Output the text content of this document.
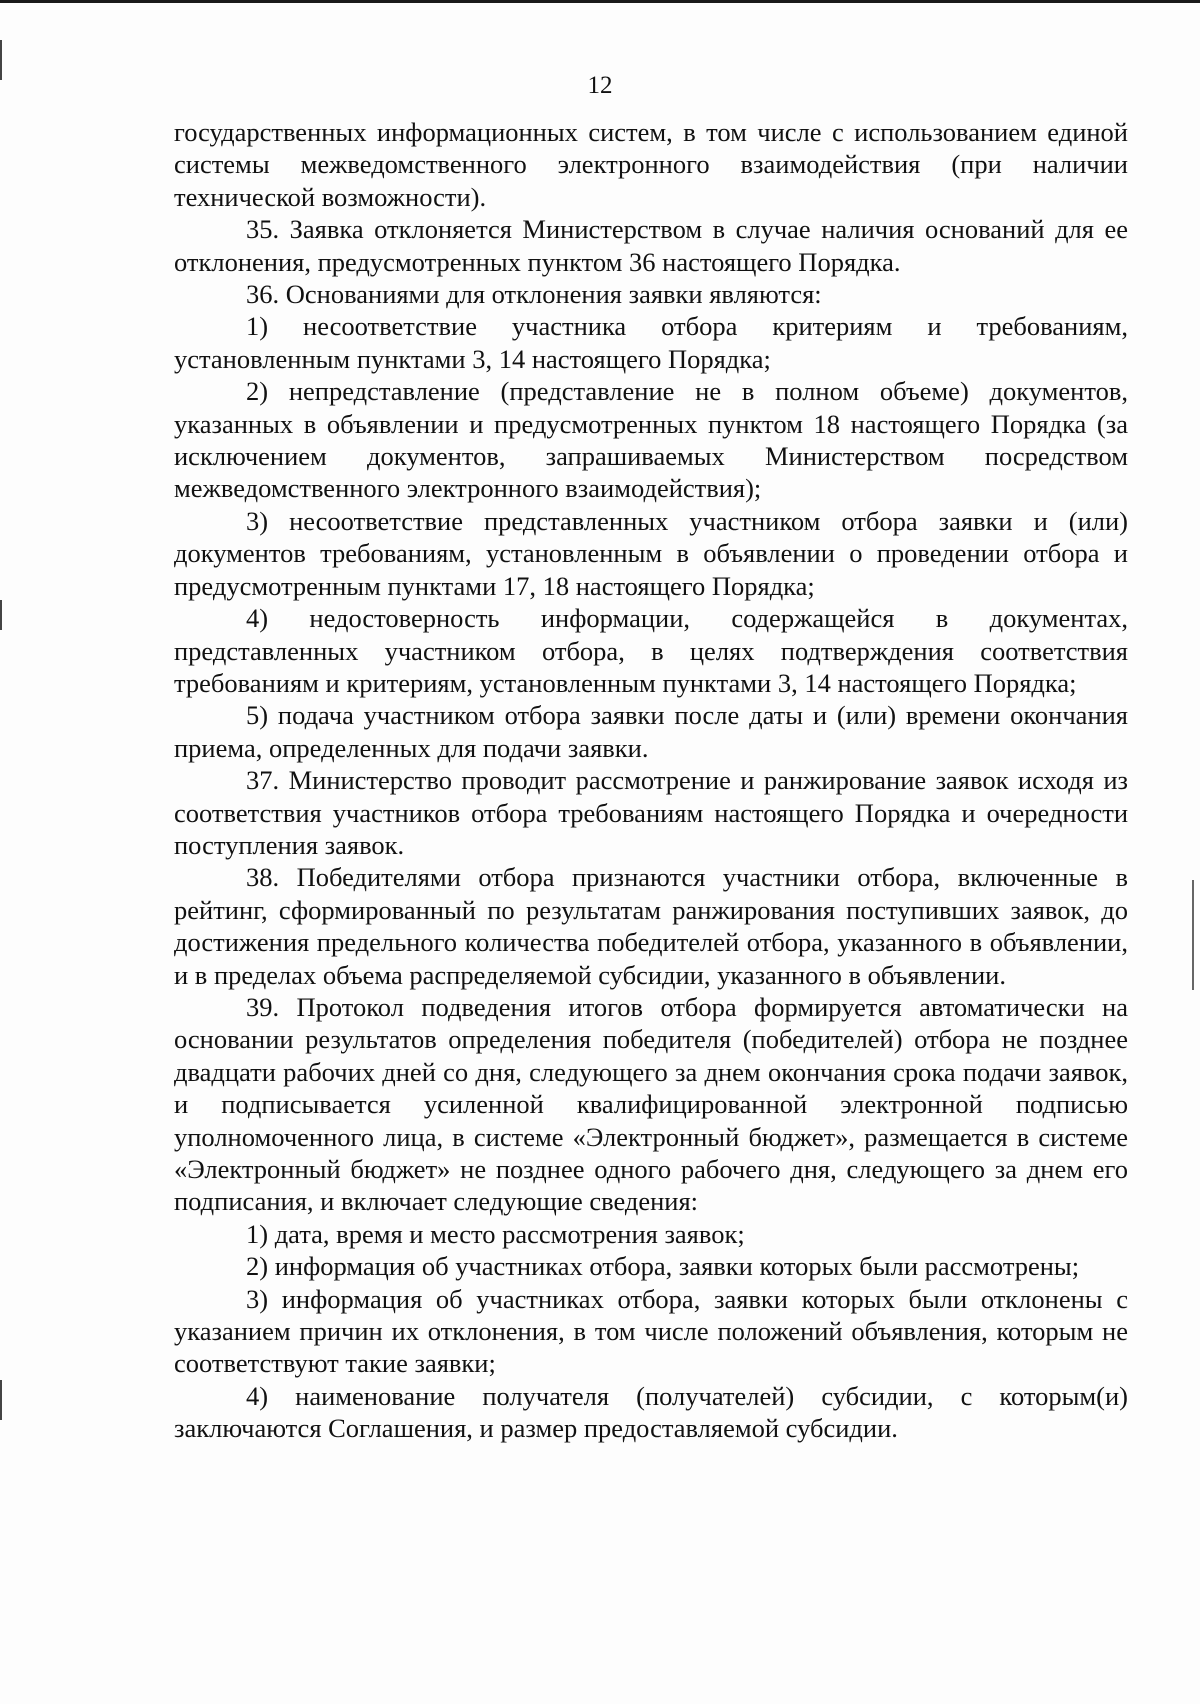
12

государственных информационных систем, в том числе с использованием единой системы межведомственного электронного взаимодействия (при наличии технической возможности).

35. Заявка отклоняется Министерством в случае наличия оснований для ее отклонения, предусмотренных пунктом 36 настоящего Порядка.

36. Основаниями для отклонения заявки являются:

1) несоответствие участника отбора критериям и требованиям, установленным пунктами 3, 14 настоящего Порядка;

2) непредставление (представление не в полном объеме) документов, указанных в объявлении и предусмотренных пунктом 18 настоящего Порядка (за исключением документов, запрашиваемых Министерством посредством межведомственного электронного взаимодействия);

3) несоответствие представленных участником отбора заявки и (или) документов требованиям, установленным в объявлении о проведении отбора и предусмотренным пунктами 17, 18 настоящего Порядка;

4) недостоверность информации, содержащейся в документах, представленных участником отбора, в целях подтверждения соответствия требованиям и критериям, установленным пунктами 3, 14 настоящего Порядка;

5) подача участником отбора заявки после даты и (или) времени окончания приема, определенных для подачи заявки.

37. Министерство проводит рассмотрение и ранжирование заявок исходя из соответствия участников отбора требованиям настоящего Порядка и очередности поступления заявок.

38. Победителями отбора признаются участники отбора, включенные в рейтинг, сформированный по результатам ранжирования поступивших заявок, до достижения предельного количества победителей отбора, указанного в объявлении, и в пределах объема распределяемой субсидии, указанного в объявлении.

39. Протокол подведения итогов отбора формируется автоматически на основании результатов определения победителя (победителей) отбора не позднее двадцати рабочих дней со дня, следующего за днем окончания срока подачи заявок, и подписывается усиленной квалифицированной электронной подписью уполномоченного лица, в системе «Электронный бюджет», размещается в системе «Электронный бюджет» не позднее одного рабочего дня, следующего за днем его подписания, и включает следующие сведения:

1) дата, время и место рассмотрения заявок;

2) информация об участниках отбора, заявки которых были рассмотрены;

3) информация об участниках отбора, заявки которых были отклонены с указанием причин их отклонения, в том числе положений объявления, которым не соответствуют такие заявки;

4) наименование получателя (получателей) субсидии, с которым(и) заключаются Соглашения, и размер предоставляемой субсидии.
